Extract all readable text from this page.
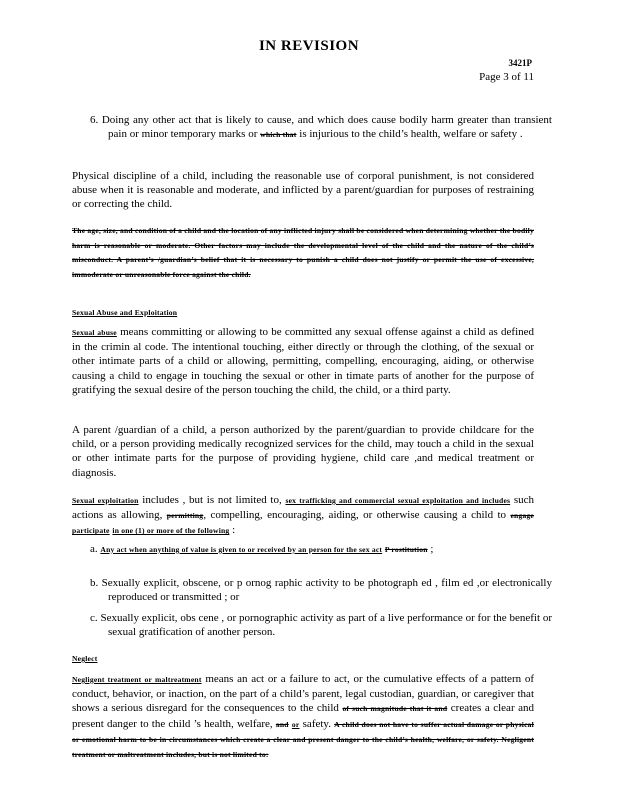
IN REVISION
3421P
Page 3 of 11

6. Doing any other act that is likely to cause, and which does cause bodily harm greater than transient pain or minor temporary marks or which that is injurious to the child’s health, welfare or safety .

Physical discipline of a child, including the reasonable use of corporal punishment, is not considered abuse when it is reasonable and moderate, and inflicted by a parent/guardian for purposes of restraining or correcting the child.

The age, size, and condition of a child and the location of any inflicted injury shall be considered when determining whether the bodily harm is reasonable or moderate. Other factors may include the developmental level of the child and the nature of the child’s misconduct. A parent’s /guardian’s belief that it is necessary to punish a child does not justify or permit the use of excessive, immoderate or unreasonable force against the child.

Sexual Abuse and Exploitation

Sexual abuse means committing or allowing to be committed any sexual offense against a child as defined in the crimin al code. The intentional touching, either directly or through the clothing, of the sexual or other intimate parts of a child or allowing, permitting, compelling, encouraging, aiding, or otherwise causing a child to engage in touching the sexual or other in timate parts of another for the purpose of gratifying the sexual desire of the person touching the child, the child, or a third party.

A parent /guardian of a child, a person authorized by the parent/guardian to provide childcare for the child, or a person providing medically recognized services for the child, may touch a child in the sexual or other intimate parts for the purpose of providing hygiene, child care ,and medical treatment or diagnosis.

Sexual exploitation includes , but is not limited to, sex trafficking and commercial sexual exploitation and includes such actions as allowing, permitting, compelling, encouraging, aiding, or otherwise causing a child to engage participate in one (1) or more of the following :

a. Any act when anything of value is given to or received by an person for the sex act P rostitution ;

b. Sexually explicit, obscene, or p ornog raphic activity to be photograph ed , film ed ,or electronically reproduced or transmitted ; or

c. Sexually explicit, obs cene , or pornographic activity as part of a live performance or for the benefit or sexual gratification of another person.

Neglect

Negligent treatment or maltreatment means an act or a failure to act, or the cumulative effects of a pattern of conduct, behavior, or inaction, on the part of a child’s parent, legal custodian, guardian, or caregiver that shows a serious disregard for the consequences to the child of such magnitude that it and creates a clear and present danger to the child ’s health, welfare, and or safety. A child does not have to suffer actual damage or physical or emotional harm to be in circumstances which create a clear and present danger to the child’s health, welfare, or safety. Negligent treatment or maltreatment includes, but is not limited to:
